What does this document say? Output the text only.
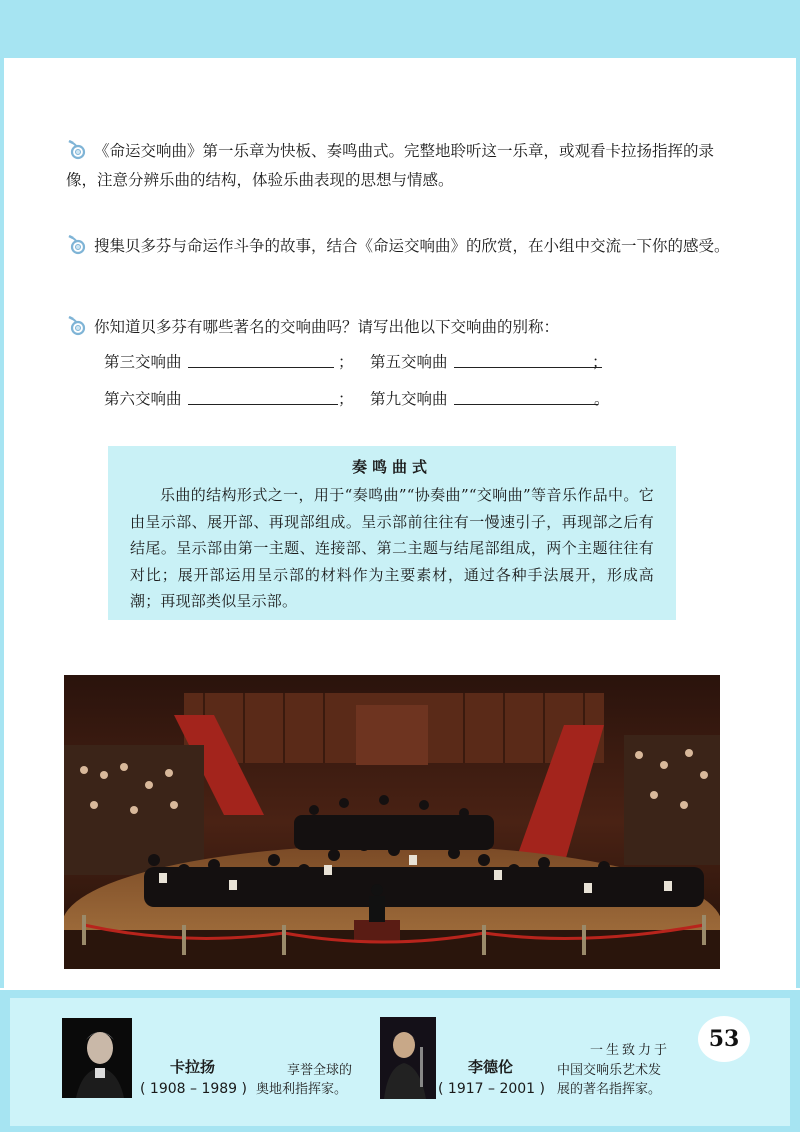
《命运交响曲》第一乐章为快板、奏鸣曲式。完整地聆听这一乐章，或观看卡拉扬指挥的录像，注意分辨乐曲的结构，体验乐曲表现的思想与情感。
搜集贝多芬与命运作斗争的故事，结合《命运交响曲》的欣赏，在小组中交流一下你的感受。
你知道贝多芬有哪些著名的交响曲吗？请写出他以下交响曲的别称：
第三交响曲	； 第五交响曲	；
第六交响曲	； 第九交响曲	。
奏鸣曲式
乐曲的结构形式之一，用于“奏鸣曲”“协奏曲”“交响曲”等音乐作品中。它由呈示部、展开部、再现部组成。呈示部前往往有一慢速引子，再现部之后有结尾。呈示部由第一主题、连接部、第二主题与结尾部组成，两个主题往往有对比；展开部运用呈示部的材料作为主要素材，通过各种手法展开，形成高潮；再现部类似呈示部。
卡拉扬
( 1908 – 1989 )
享誉全球的
奥地利指挥家。
李德伦
( 1917 – 2001 )
一生致力于
中国交响乐艺术发
展的著名指挥家。
53
